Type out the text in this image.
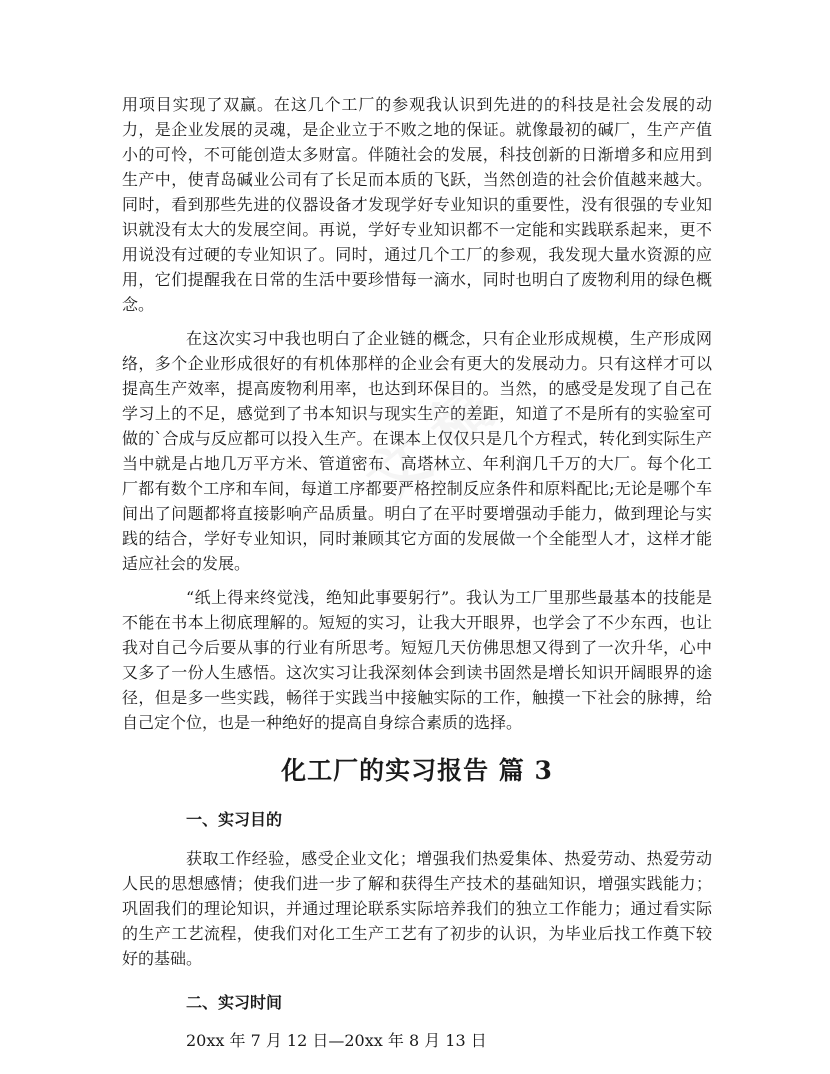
文 稿

用项目实现了双赢。在这几个工厂的参观我认识到先进的的科技是社会发展的动力，是企业发展的灵魂，是企业立于不败之地的保证。就像最初的碱厂，生产产值小的可怜，不可能创造太多财富。伴随社会的发展，科技创新的日渐增多和应用到生产中，使青岛碱业公司有了长足而本质的飞跃，当然创造的社会价值越来越大。同时，看到那些先进的仪器设备才发现学好专业知识的重要性，没有很强的专业知识就没有太大的发展空间。再说，学好专业知识都不一定能和实践联系起来，更不用说没有过硬的专业知识了。同时，通过几个工厂的参观，我发现大量水资源的应用，它们提醒我在日常的生活中要珍惜每一滴水，同时也明白了废物利用的绿色概念。

在这次实习中我也明白了企业链的概念，只有企业形成规模，生产形成网络，多个企业形成很好的有机体那样的企业会有更大的发展动力。只有这样才可以提高生产效率，提高废物利用率，也达到环保目的。当然，的感受是发现了自己在学习上的不足，感觉到了书本知识与现实生产的差距，知道了不是所有的实验室可做的`合成与反应都可以投入生产。在课本上仅仅只是几个方程式，转化到实际生产当中就是占地几万平方米、管道密布、高塔林立、年利润几千万的大厂。每个化工厂都有数个工序和车间，每道工序都要严格控制反应条件和原料配比;无论是哪个车间出了问题都将直接影响产品质量。明白了在平时要增强动手能力，做到理论与实践的结合，学好专业知识，同时兼顾其它方面的发展做一个全能型人才，这样才能适应社会的发展。

“纸上得来终觉浅，绝知此事要躬行”。我认为工厂里那些最基本的技能是不能在书本上彻底理解的。短短的实习，让我大开眼界，也学会了不少东西，也让我对自己今后要从事的行业有所思考。短短几天仿佛思想又得到了一次升华，心中又多了一份人生感悟。这次实习让我深刻体会到读书固然是增长知识开阔眼界的途径，但是多一些实践，畅徉于实践当中接触实际的工作，触摸一下社会的脉搏，给自己定个位，也是一种绝好的提高自身综合素质的选择。

化工厂的实习报告 篇 3
一、实习目的

获取工作经验，感受企业文化；增强我们热爱集体、热爱劳动、热爱劳动人民的思想感情；使我们进一步了解和获得生产技术的基础知识，增强实践能力；巩固我们的理论知识，并通过理论联系实际培养我们的独立工作能力；通过看实际的生产工艺流程，使我们对化工生产工艺有了初步的认识，为毕业后找工作奠下较好的基础。

二、实习时间

20xx 年 7 月 12 日—20xx 年 8 月 13 日
